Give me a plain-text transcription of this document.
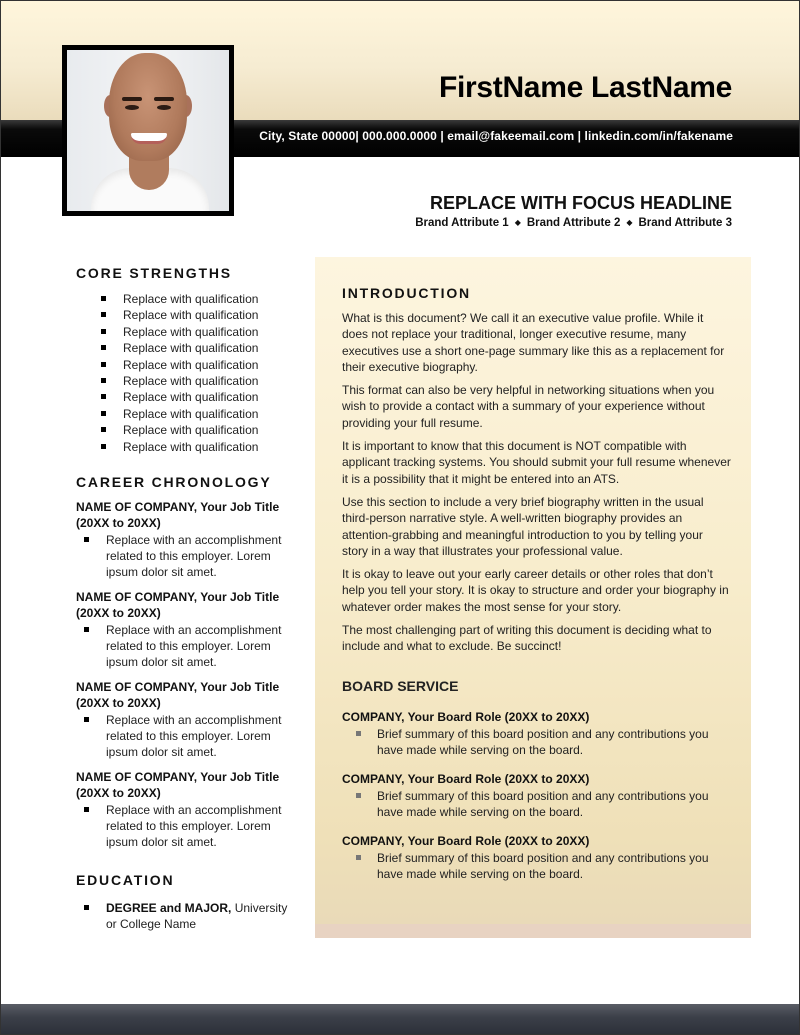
City, State 00000| 000.000.0000 | email@fakeemail.com | linkedin.com/in/fakename
FirstName LastName
REPLACE WITH FOCUS HEADLINE
Brand Attribute 1 ◆ Brand Attribute 2 ◆ Brand Attribute 3
CORE STRENGTHS
Replace with qualification
Replace with qualification
Replace with qualification
Replace with qualification
Replace with qualification
Replace with qualification
Replace with qualification
Replace with qualification
Replace with qualification
Replace with qualification
CAREER CHRONOLOGY
NAME OF COMPANY, Your Job Title (20XX to 20XX)
Replace with an accomplishment related to this employer. Lorem ipsum dolor sit amet.
NAME OF COMPANY, Your Job Title (20XX to 20XX)
Replace with an accomplishment related to this employer. Lorem ipsum dolor sit amet.
NAME OF COMPANY, Your Job Title (20XX to 20XX)
Replace with an accomplishment related to this employer. Lorem ipsum dolor sit amet.
NAME OF COMPANY, Your Job Title (20XX to 20XX)
Replace with an accomplishment related to this employer. Lorem ipsum dolor sit amet.
EDUCATION
DEGREE and MAJOR, University or College Name
INTRODUCTION

What is this document? We call it an executive value profile. While it does not replace your traditional, longer executive resume, many executives use a short one-page summary like this as a replacement for their executive biography.

This format can also be very helpful in networking situations when you wish to provide a contact with a summary of your experience without providing your full resume.

It is important to know that this document is NOT compatible with applicant tracking systems. You should submit your full resume whenever it is a possibility that it might be entered into an ATS.

Use this section to include a very brief biography written in the usual third-person narrative style. A well-written biography provides an attention-grabbing and meaningful introduction to you by telling your story in a way that illustrates your professional value.

It is okay to leave out your early career details or other roles that don’t help you tell your story. It is okay to structure and order your biography in whatever order makes the most sense for your story.

The most challenging part of writing this document is deciding what to include and what to exclude. Be succinct!

BOARD SERVICE
COMPANY, Your Board Role (20XX to 20XX)
Brief summary of this board position and any contributions you have made while serving on the board.
COMPANY, Your Board Role (20XX to 20XX)
Brief summary of this board position and any contributions you have made while serving on the board.
COMPANY, Your Board Role (20XX to 20XX)
Brief summary of this board position and any contributions you have made while serving on the board.
